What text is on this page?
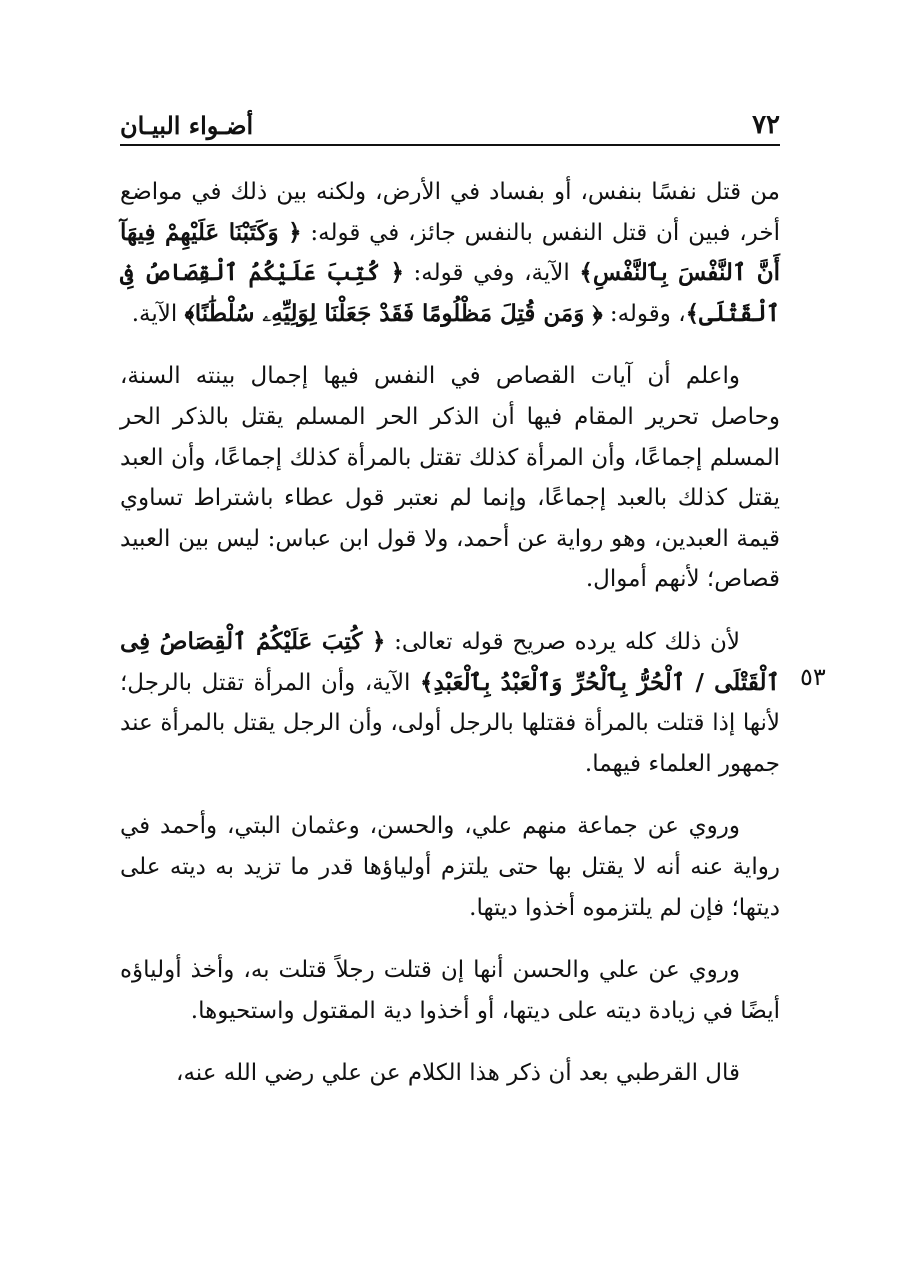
٧٢
أضـواء البيـان

من قتل نفسًا بنفس، أو بفساد في الأرض، ولكنه بين ذلك في مواضع أخر، فبين أن قتل النفس بالنفس جائز، في قوله: ﴿ وَكَتَبْنَا عَلَيْهِمْ فِيهَآ أَنَّ ٱلنَّفْسَ بِٱلنَّفْسِ﴾ الآية، وفي قوله: ﴿ كُتِبَ عَلَيْكُمُ ٱلْقِصَاصُ فِى ٱلْقَتْلَى﴾، وقوله: ﴿ وَمَن قُتِلَ مَظْلُومًا فَقَدْ جَعَلْنَا لِوَلِيِّهِۦ سُلْطَٰنًا﴾ الآية.

واعلم أن آيات القصاص في النفس فيها إجمال بينته السنة، وحاصل تحرير المقام فيها أن الذكر الحر المسلم يقتل بالذكر الحر المسلم إجماعًا، وأن المرأة كذلك تقتل بالمرأة كذلك إجماعًا، وأن العبد يقتل كذلك بالعبد إجماعًا، وإنما لم نعتبر قول عطاء باشتراط تساوي قيمة العبدين، وهو رواية عن أحمد، ولا قول ابن عباس: ليس بين العبيد قصاص؛ لأنهم أموال.

لأن ذلك كله يرده صريح قوله تعالى: ﴿ كُتِبَ عَلَيْكُمُ ٱلْقِصَاصُ فِى ٱلْقَتْلَى / ٱلْحُرُّ بِٱلْحُرِّ وَٱلْعَبْدُ بِٱلْعَبْدِ﴾ الآية، وأن المرأة تقتل بالرجل؛ لأنها إذا قتلت بالمرأة فقتلها بالرجل أولى، وأن الرجل يقتل بالمرأة عند جمهور العلماء فيهما.

وروي عن جماعة منهم علي، والحسن، وعثمان البتي، وأحمد في رواية عنه أنه لا يقتل بها حتى يلتزم أولياؤها قدر ما تزيد به ديته على ديتها؛ فإن لم يلتزموه أخذوا ديتها.

وروي عن علي والحسن أنها إن قتلت رجلاً قتلت به، وأخذ أولياؤه أيضًا في زيادة ديته على ديتها، أو أخذوا دية المقتول واستحيوها.

قال القرطبي بعد أن ذكر هذا الكلام عن علي رضي الله عنه،

٥٣
